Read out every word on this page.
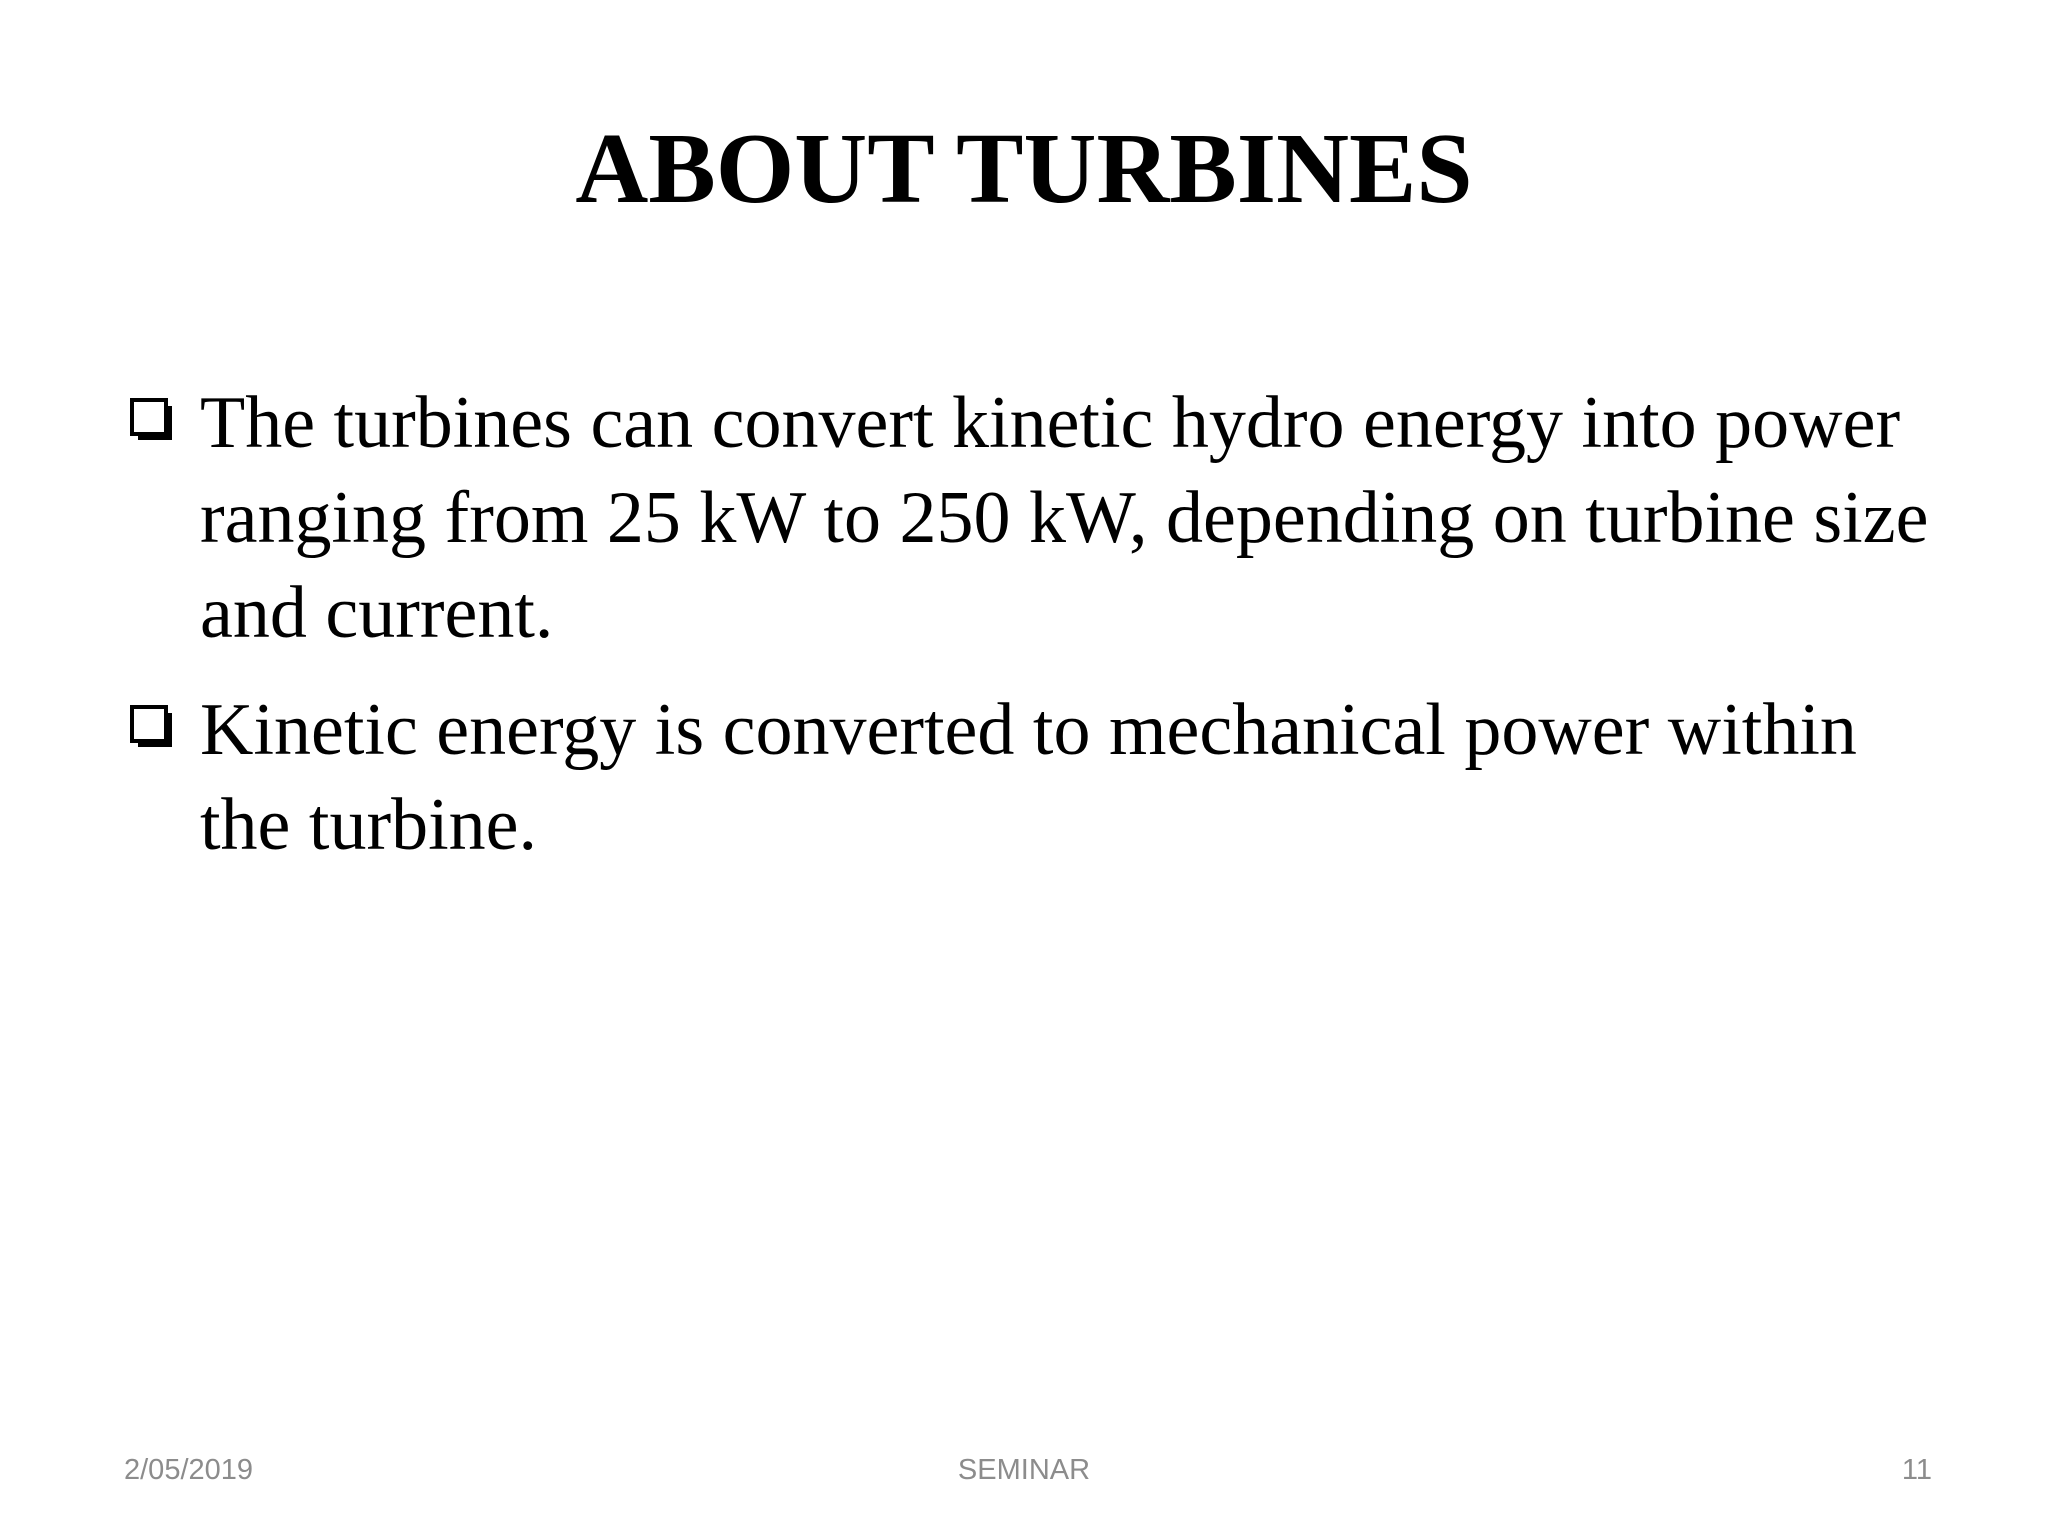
ABOUT TURBINES
The turbines can convert kinetic hydro energy into power ranging from 25 kW to 250 kW, depending on turbine size and current.
Kinetic energy is converted to mechanical power within the turbine.
2/05/2019	SEMINAR	11
